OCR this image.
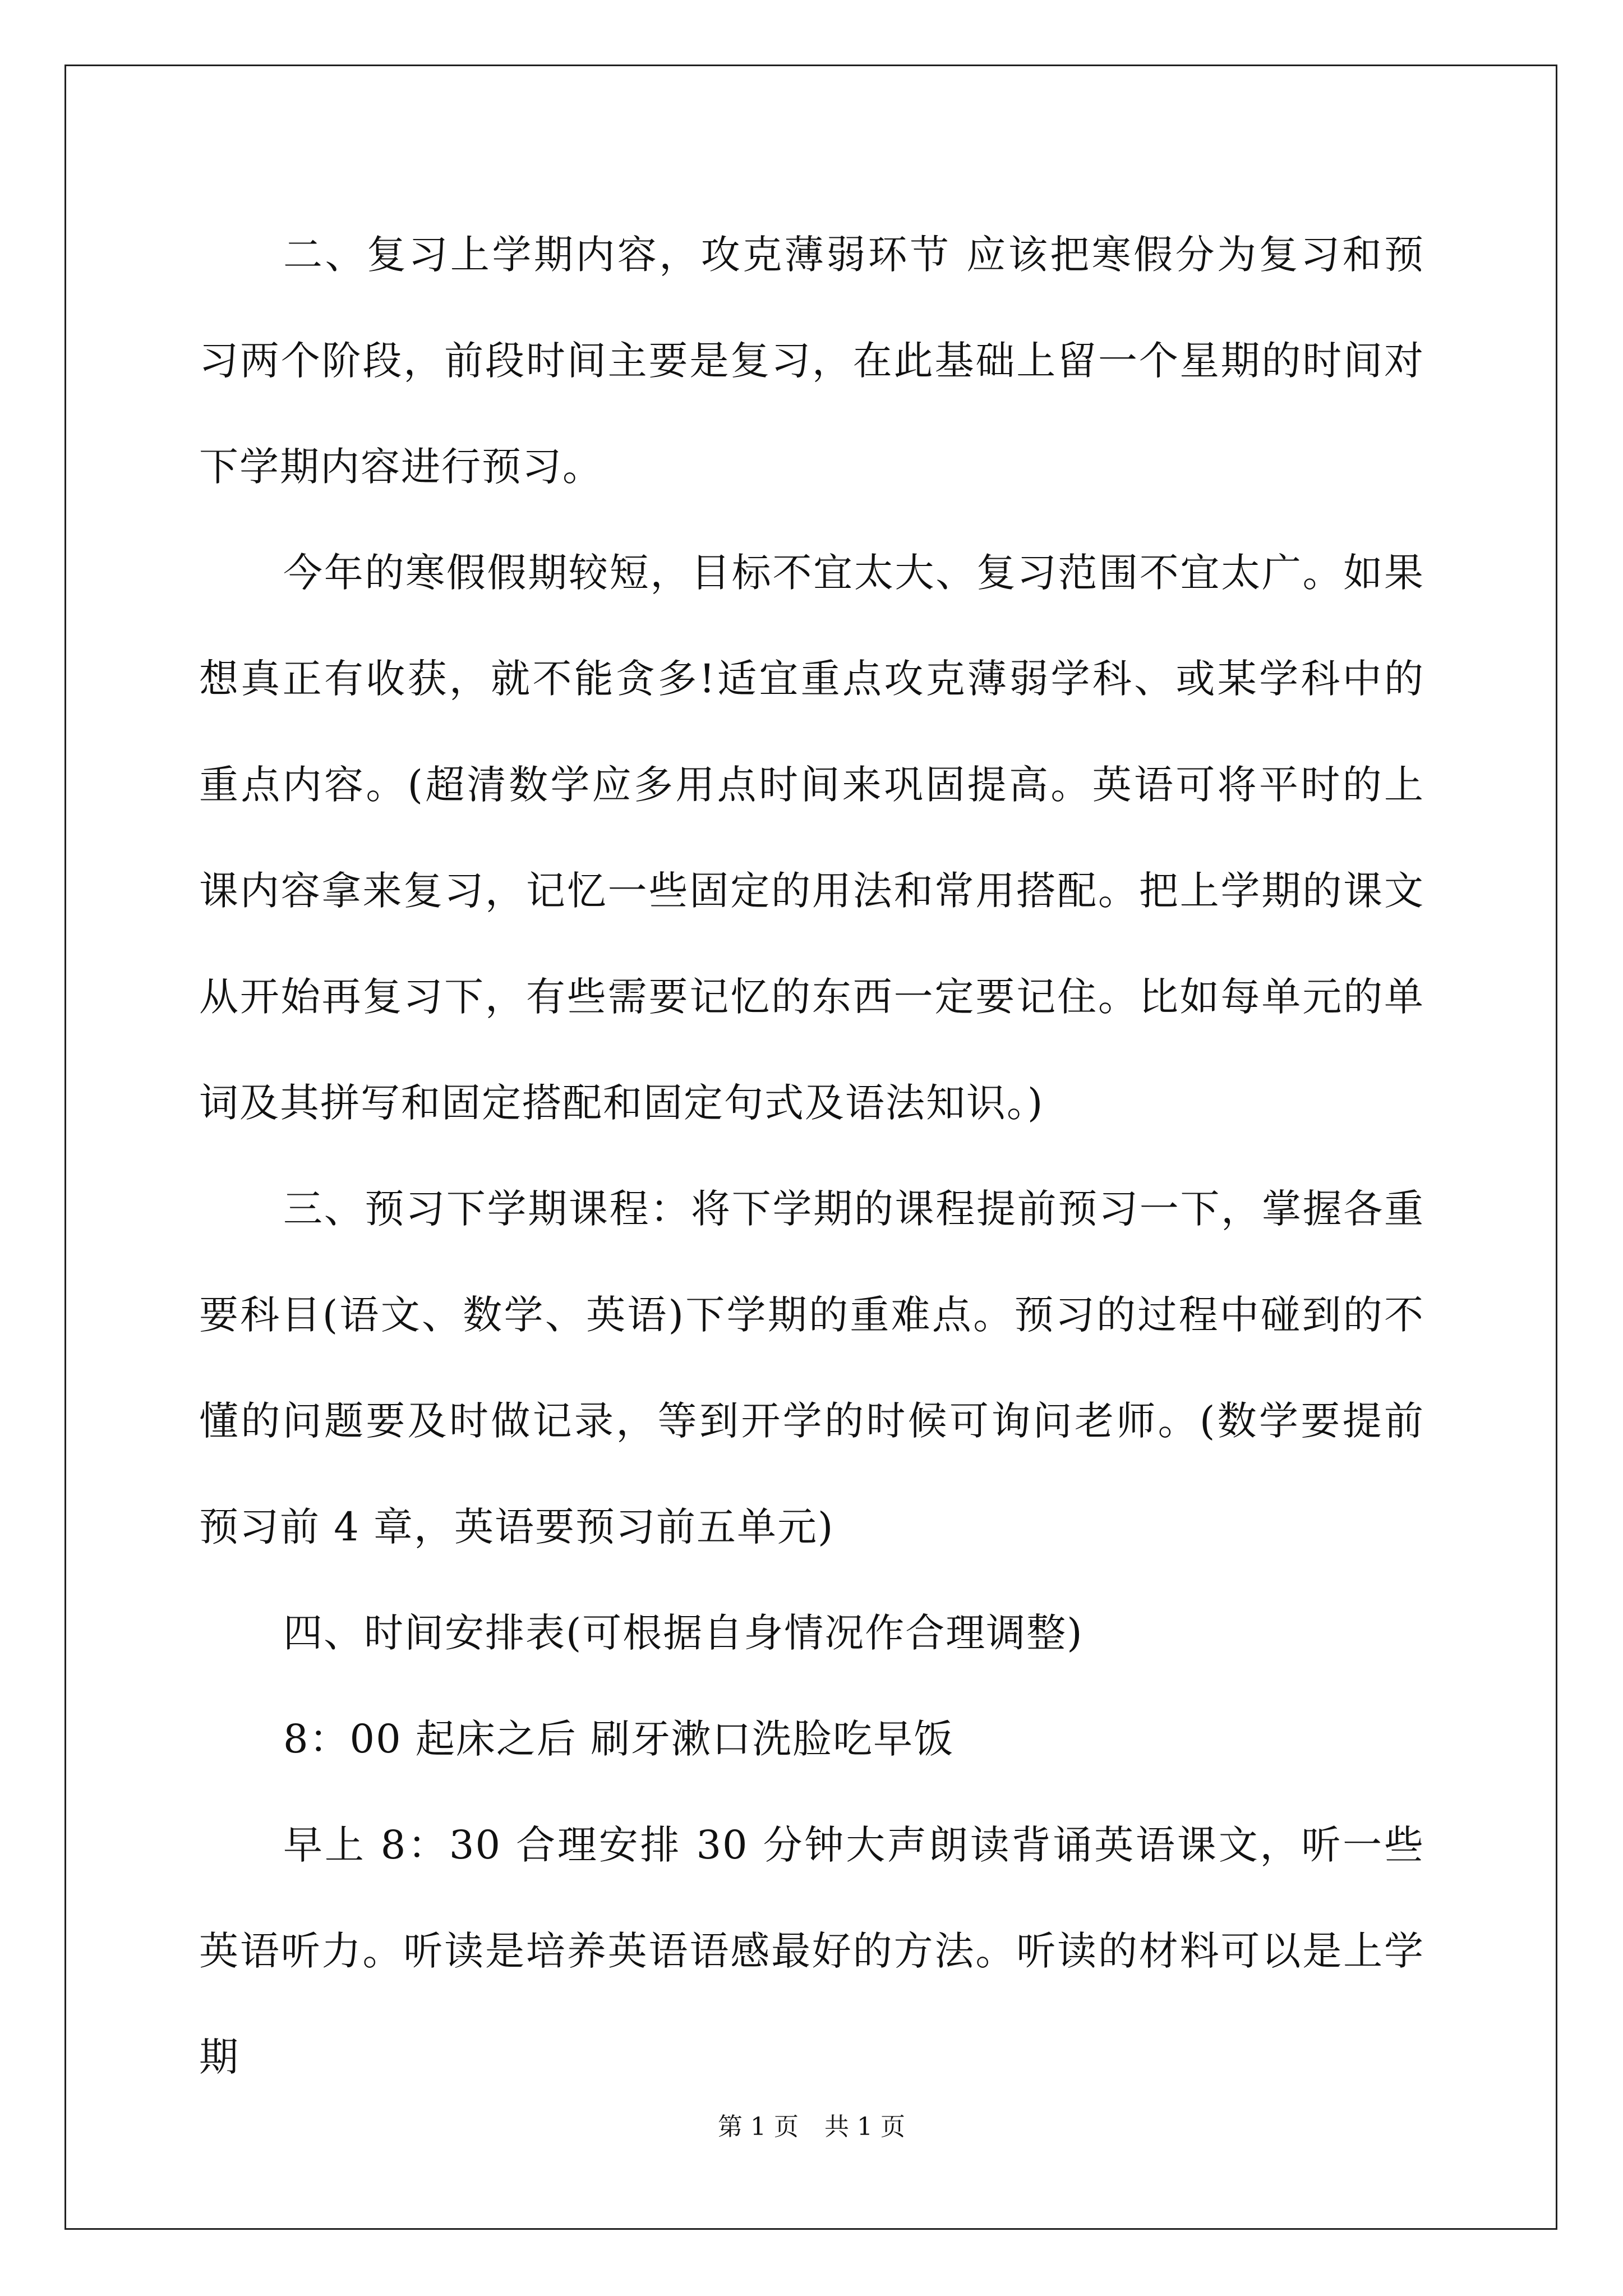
二、复习上学期内容，攻克薄弱环节 应该把寒假分为复习和预习两个阶段，前段时间主要是复习，在此基础上留一个星期的时间对下学期内容进行预习。

今年的寒假假期较短，目标不宜太大、复习范围不宜太广。如果想真正有收获，就不能贪多!适宜重点攻克薄弱学科、或某学科中的重点内容。(超清数学应多用点时间来巩固提高。英语可将平时的上课内容拿来复习，记忆一些固定的用法和常用搭配。把上学期的课文从开始再复习下，有些需要记忆的东西一定要记住。比如每单元的单词及其拼写和固定搭配和固定句式及语法知识。)

三、预习下学期课程：将下学期的课程提前预习一下，掌握各重要科目(语文、数学、英语)下学期的重难点。预习的过程中碰到的不懂的问题要及时做记录，等到开学的时候可询问老师。(数学要提前预习前 4 章，英语要预习前五单元)

四、时间安排表(可根据自身情况作合理调整)

8：00 起床之后 刷牙漱口洗脸吃早饭

早上 8：30 合理安排 30 分钟大声朗读背诵英语课文，听一些英语听力。听读是培养英语语感最好的方法。听读的材料可以是上学期

第 1 页 共 1 页
